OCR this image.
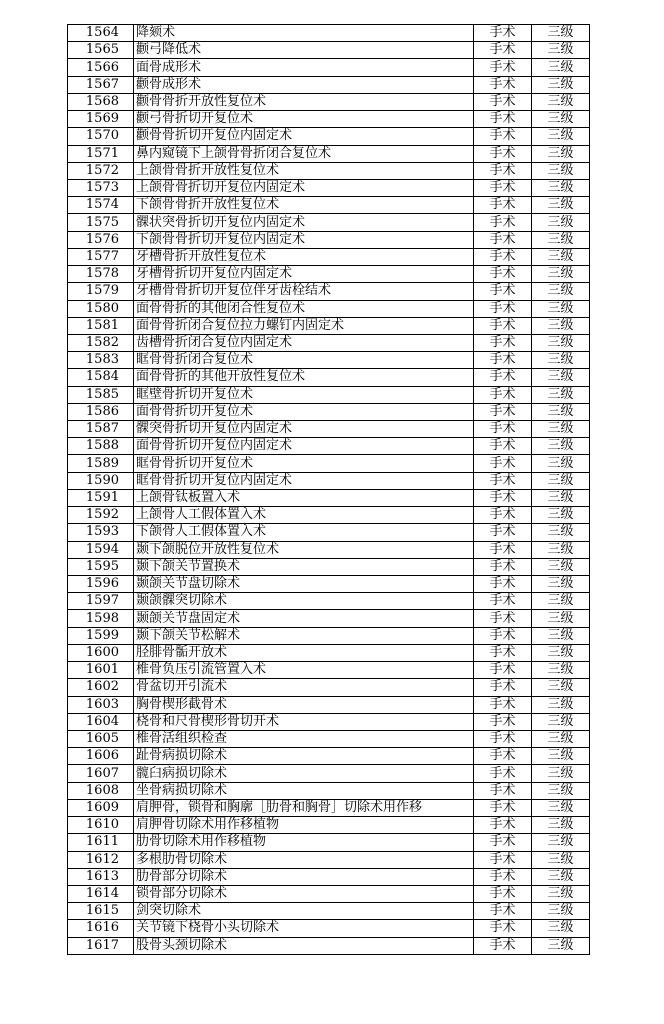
1564	降颏术	手术	三级
1565	颧弓降低术	手术	三级
1566	面骨成形术	手术	三级
1567	颧骨成形术	手术	三级
1568	颧骨骨折开放性复位术	手术	三级
1569	颧弓骨折切开复位术	手术	三级
1570	颧骨骨折切开复位内固定术	手术	三级
1571	鼻内窥镜下上颌骨骨折闭合复位术	手术	三级
1572	上颌骨骨折开放性复位术	手术	三级
1573	上颌骨骨折切开复位内固定术	手术	三级
1574	下颌骨骨折开放性复位术	手术	三级
1575	髁状突骨折切开复位内固定术	手术	三级
1576	下颌骨骨折切开复位内固定术	手术	三级
1577	牙槽骨折开放性复位术	手术	三级
1578	牙槽骨折切开复位内固定术	手术	三级
1579	牙槽骨骨折切开复位伴牙齿栓结术	手术	三级
1580	面骨骨折的其他闭合性复位术	手术	三级
1581	面骨骨折闭合复位拉力螺钉内固定术	手术	三级
1582	齿槽骨折闭合复位内固定术	手术	三级
1583	眶骨骨折闭合复位术	手术	三级
1584	面骨骨折的其他开放性复位术	手术	三级
1585	眶壁骨折切开复位术	手术	三级
1586	面骨骨折切开复位术	手术	三级
1587	髁突骨折切开复位内固定术	手术	三级
1588	面骨骨折切开复位内固定术	手术	三级
1589	眶骨骨折切开复位术	手术	三级
1590	眶骨骨折切开复位内固定术	手术	三级
1591	上颌骨钛板置入术	手术	三级
1592	上颌骨人工假体置入术	手术	三级
1593	下颌骨人工假体置入术	手术	三级
1594	颞下颌脱位开放性复位术	手术	三级
1595	颞下颌关节置换术	手术	三级
1596	颞颌关节盘切除术	手术	三级
1597	颞颌髁突切除术	手术	三级
1598	颞颌关节盘固定术	手术	三级
1599	颞下颌关节松解术	手术	三级
1600	胫腓骨骺开放术	手术	三级
1601	椎骨负压引流管置入术	手术	三级
1602	骨盆切开引流术	手术	三级
1603	胸骨楔形截骨术	手术	三级
1604	桡骨和尺骨楔形骨切开术	手术	三级
1605	椎骨活组织检查	手术	三级
1606	趾骨病损切除术	手术	三级
1607	髋臼病损切除术	手术	三级
1608	坐骨病损切除术	手术	三级
1609	肩胛骨，锁骨和胸廓［肋骨和胸骨］切除术用作移	手术	三级
1610	肩胛骨切除术用作移植物	手术	三级
1611	肋骨切除术用作移植物	手术	三级
1612	多根肋骨切除术	手术	三级
1613	肋骨部分切除术	手术	三级
1614	锁骨部分切除术	手术	三级
1615	剑突切除术	手术	三级
1616	关节镜下桡骨小头切除术	手术	三级
1617	股骨头颈切除术	手术	三级
